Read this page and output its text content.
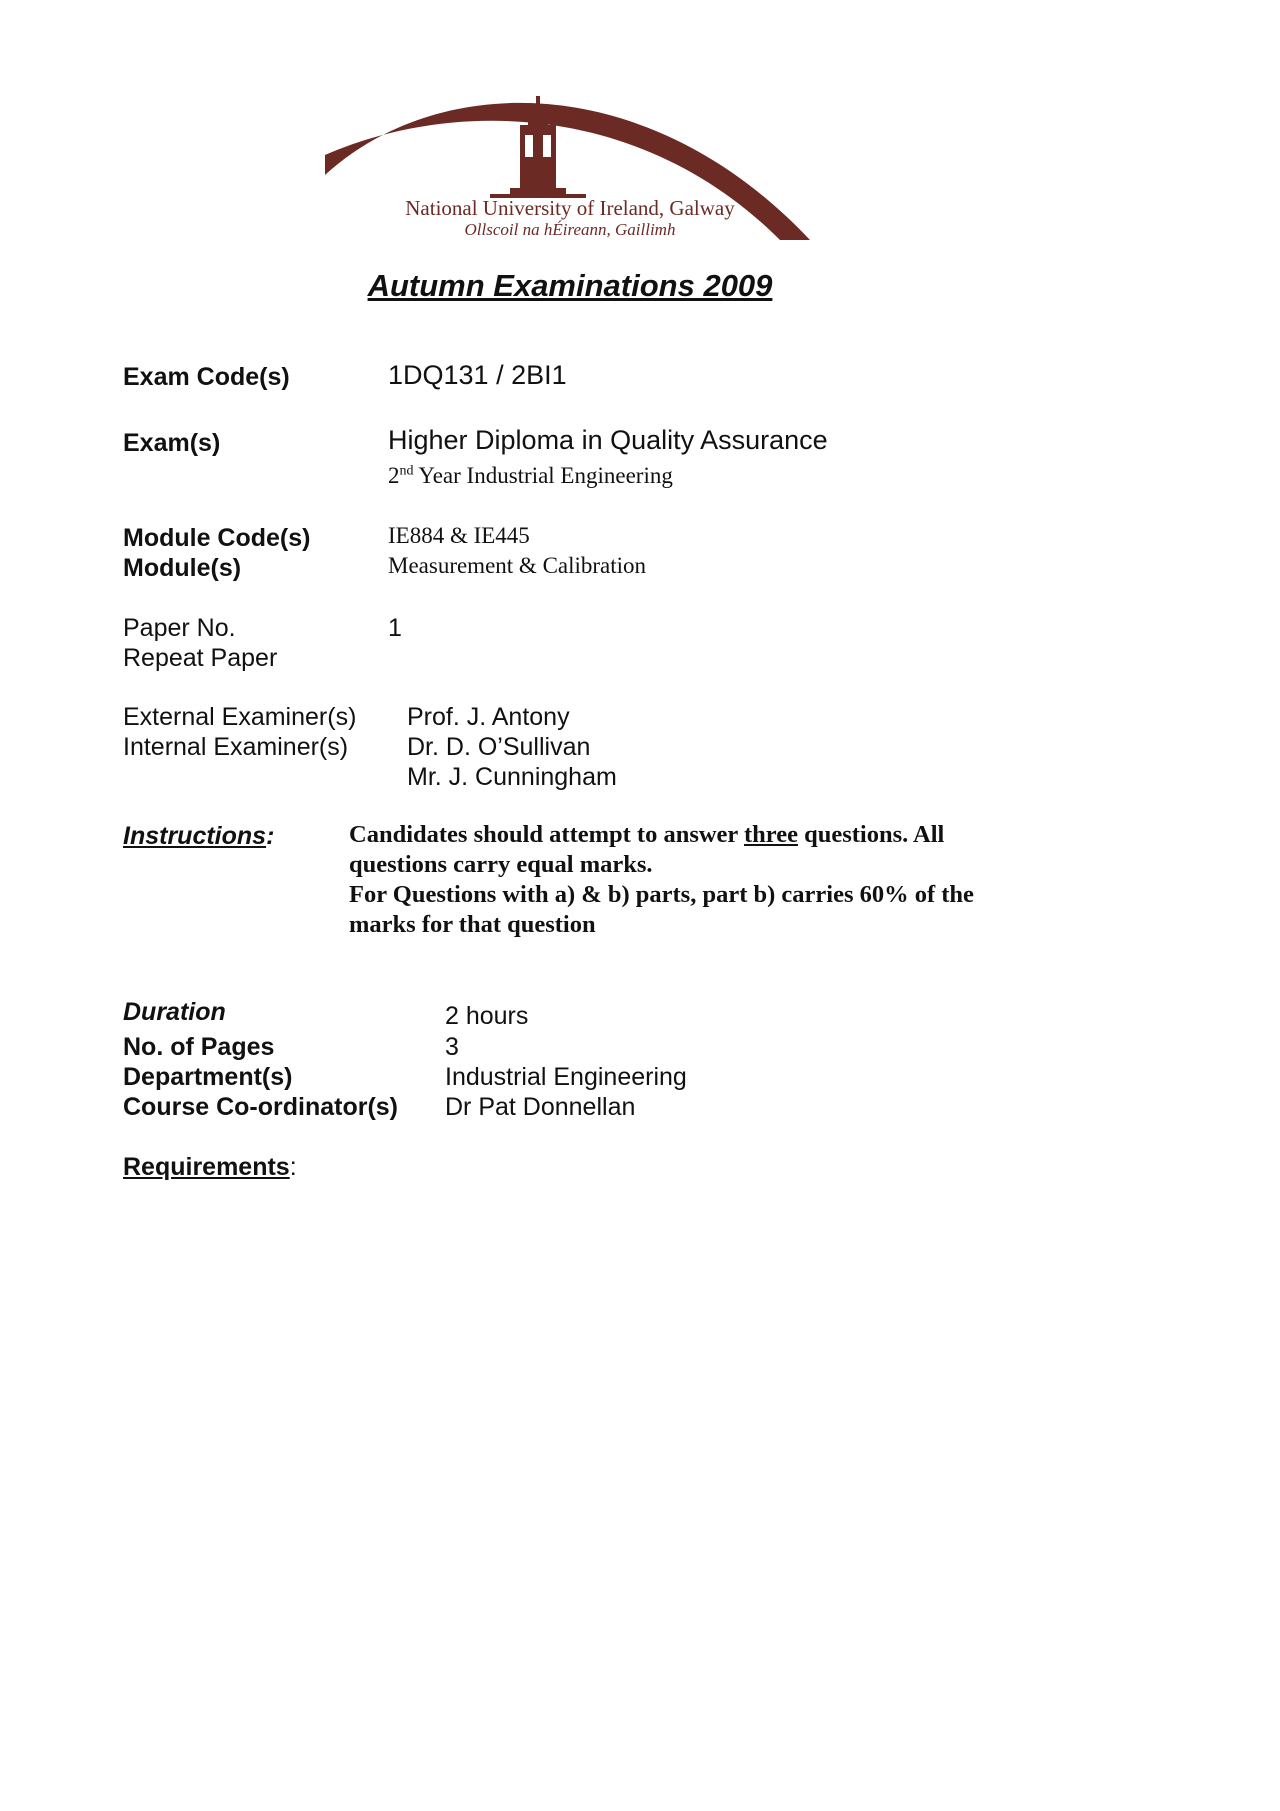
National University of Ireland, Galway
Ollscoil na hÉireann, Gaillimh
Autumn Examinations 2009
Exam Code(s)	1DQ131 / 2BI1
Exam(s)	Higher Diploma in Quality Assurance
2nd Year Industrial Engineering
Module Code(s)	IE884 & IE445
Module(s)	Measurement & Calibration
Paper No.	1
Repeat Paper
External Examiner(s) Prof. J. Antony
Internal Examiner(s) Dr. D. O’Sullivan
Mr. J. Cunningham
Instructions:	Candidates should attempt to answer three questions. All
questions carry equal marks.
For Questions with a) & b) parts, part b) carries 60% of the
marks for that question
Duration	2 hours
No. of Pages	3
Department(s)	Industrial Engineering
Course Co-ordinator(s) Dr Pat Donnellan
Requirements:
